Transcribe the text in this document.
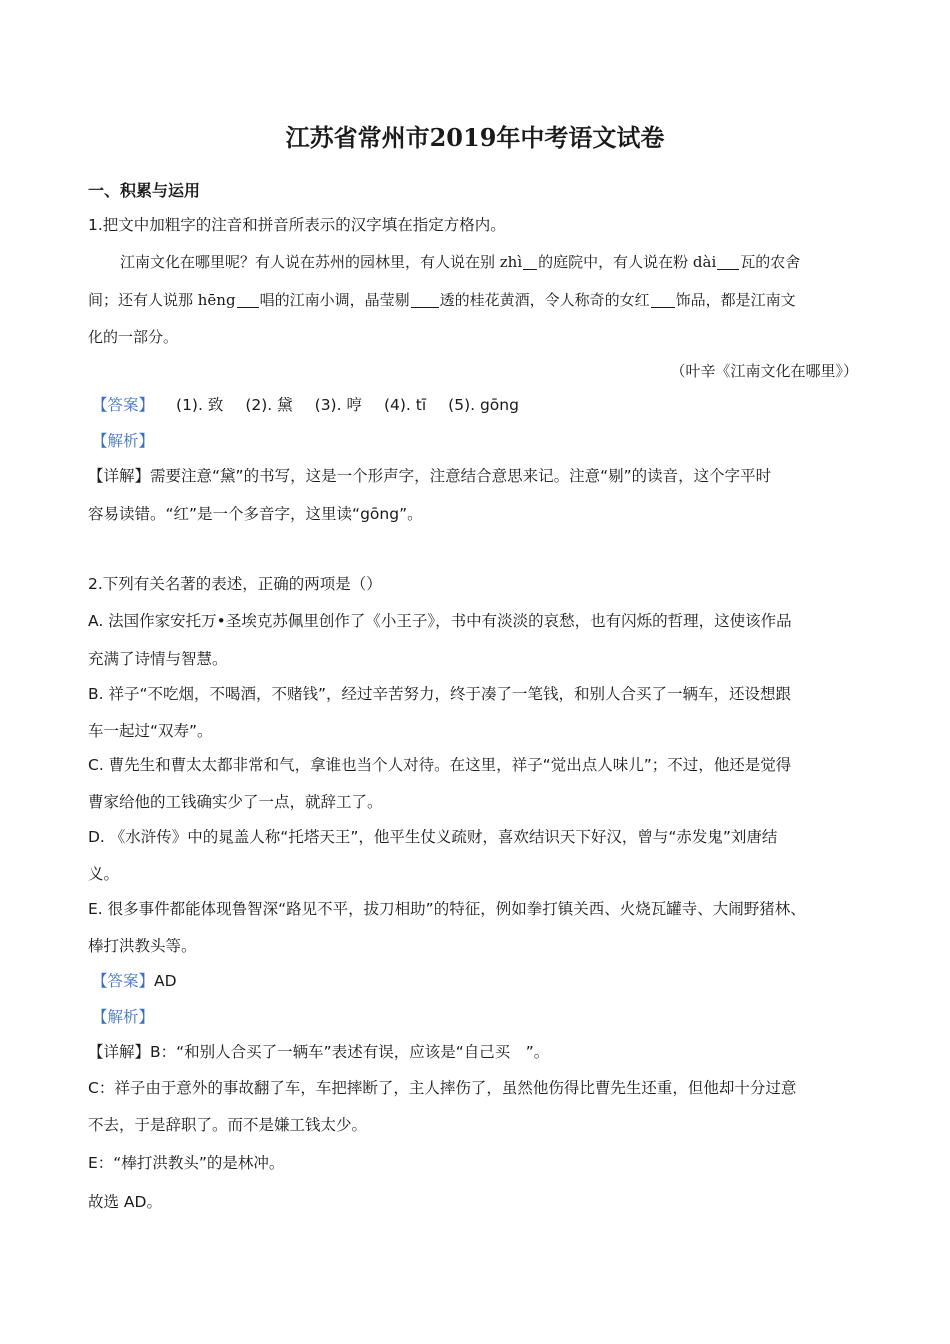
江苏省常州市2019年中考语文试卷
一、积累与运用
1.把文中加粗字的注音和拼音所表示的汉字填在指定方格内。
江南文化在哪里呢？有人说在苏州的园林里，有人说在别 zhì 的庭院中，有人说在粉 dài 瓦的农舍
间；还有人说那 hēng 唱的江南小调，晶莹剔 透的桂花黄酒，令人称奇的女红 饰品，都是江南文
化的一部分。
（叶辛《江南文化在哪里》）
【答案】 (1). 致 (2). 黛 (3). 哼 (4). tī (5). gōng
【解析】
【详解】需要注意“黛”的书写，这是一个形声字，注意结合意思来记。注意“剔”的读音，这个字平时
容易读错。“红”是一个多音字，这里读“gōng”。
2.下列有关名著的表述，正确的两项是（）
A. 法国作家安托万•圣埃克苏佩里创作了《小王子》，书中有淡淡的哀愁，也有闪烁的哲理，这使该作品
充满了诗情与智慧。
B. 祥子“不吃烟，不喝酒，不赌钱”，经过辛苦努力，终于凑了一笔钱，和别人合买了一辆车，还设想跟
车一起过“双寿”。
C. 曹先生和曹太太都非常和气，拿谁也当个人对待。在这里，祥子“觉出点人味儿”；不过，他还是觉得
曹家给他的工钱确实少了一点，就辞工了。
D. 《水浒传》中的晁盖人称“托塔天王”，他平生仗义疏财，喜欢结识天下好汉，曾与“赤发鬼”刘唐结
义。
E. 很多事件都能体现鲁智深“路见不平，拔刀相助”的特征，例如拳打镇关西、火烧瓦罐寺、大闹野猪林、
棒打洪教头等。
【答案】AD
【解析】
【详解】B：“和别人合买了一辆车”表述有误，应该是“自己买　”。
C：祥子由于意外的事故翻了车，车把摔断了，主人摔伤了，虽然他伤得比曹先生还重，但他却十分过意
不去，于是辞职了。而不是嫌工钱太少。
E：“棒打洪教头”的是林冲。
故选 AD。
